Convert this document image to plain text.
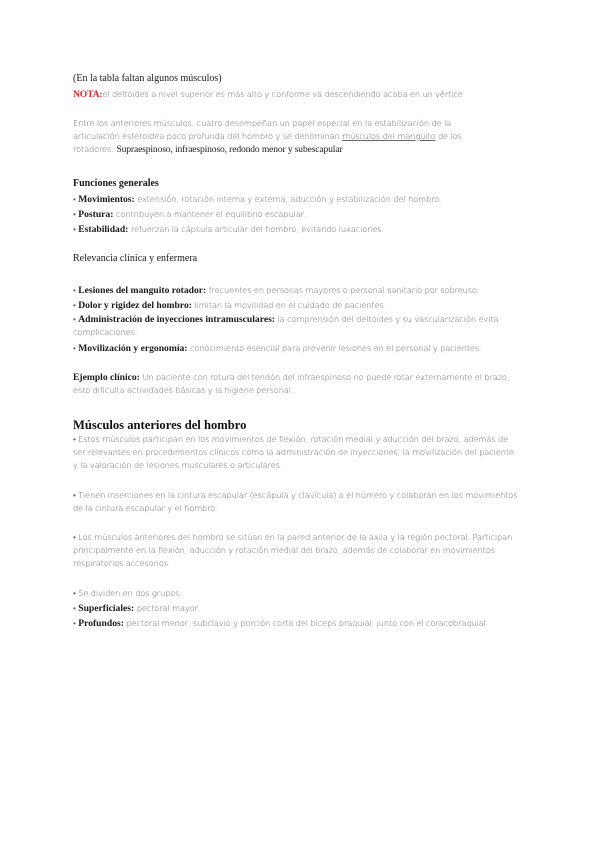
(En la tabla faltan algunos músculos)
NOTA:el deltoides a nivel superior es más alto y conforme va descendiendo acaba en un vértice
Entre los anteriores músculos, cuatro desempeñan un papel especial en la estabilización de la
articulación esferoidea poco profunda del hombro y se denominan músculos del manguito de los
rotadores: Supraespinoso, infraespinoso, redondo menor y subescapular
Funciones generales
• Movimientos: extensión, rotación interna y externa, aducción y estabilización del hombro.
• Postura: contribuyen a mantener el equilibrio escapular.
• Estabilidad: refuerzan la cápsula articular del hombro, evitando luxaciones.
Relevancia clínica y enfermera
• Lesiones del manguito rotador: frecuentes en personas mayores o personal sanitario por sobreuso.
• Dolor y rigidez del hombro: limitan la movilidad en el cuidado de pacientes.
• Administración de inyecciones intramusculares: la comprensión del deltoides y su vascularización evita complicaciones.
• Movilización y ergonomía: conocimiento esencial para prevenir lesiones en el personal y pacientes.
Ejemplo clínico: Un paciente con rotura del tendón del infraespinoso no puede rotar externamente el brazo, esto dificulta actividades básicas y la higiene personal.
Músculos anteriores del hombro
• Estos músculos participan en los movimientos de flexión, rotación medial y aducción del brazo, además de ser relevantes en procedimientos clínicos como la administración de inyecciones, la movilización del paciente y la valoración de lesiones musculares o articulares.
• Tienen inserciones en la cintura escapular (escápula y clavícula) o el húmero y colaboran en los movimientos de la cintura escapular y el hombro.
• Los músculos anteriores del hombro se sitúan en la pared anterior de la axila y la región pectoral. Participan principalmente en la flexión, aducción y rotación medial del brazo, además de colaborar en movimientos respiratorios accesorios.
• Se dividen en dos grupos:
• Superficiales: pectoral mayor.
• Profundos: pectoral menor, subclavio y porción corta del bíceps braquial, junto con el coracobraquial.
